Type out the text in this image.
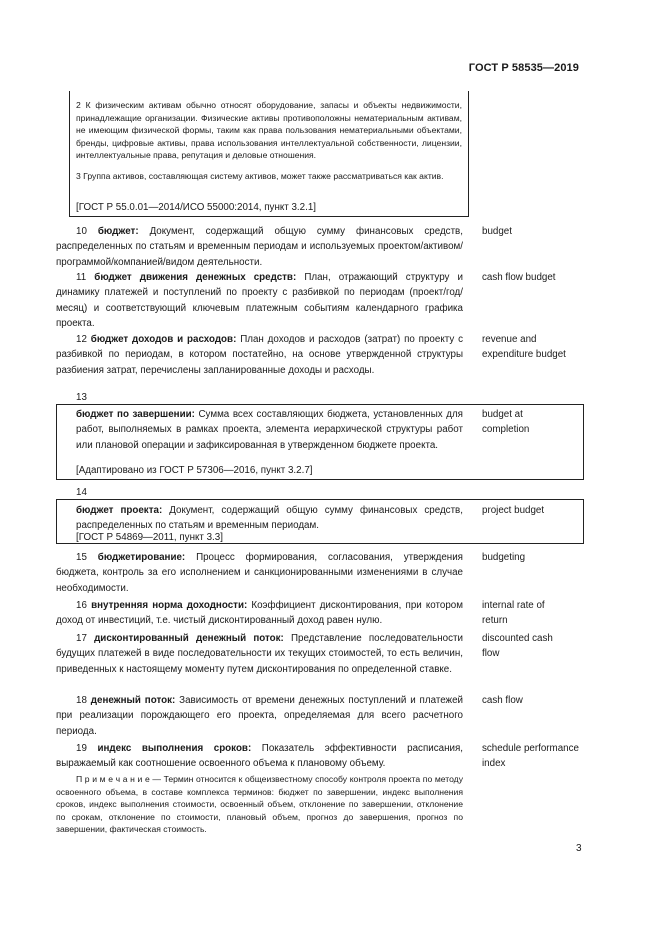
ГОСТ Р 58535—2019
2 К физическим активам обычно относят оборудование, запасы и объекты недвижимости, принадлежащие организации. Физические активы противоположны нематериальным активам, не имеющим физической формы, таким как права пользования нематериальными объектами, бренды, цифровые активы, права использования интеллектуальной собственности, лицензии, интеллектуальные права, репутация и деловые отношения.
3 Группа активов, составляющая систему активов, может также рассматриваться как актив.
[ГОСТ Р 55.0.01—2014/ИСО 55000:2014, пункт 3.2.1]
10 бюджет: Документ, содержащий общую сумму финансовых средств, распределенных по статьям и временным периодам и используемых проектом/активом/программой/компанией/видом деятельности.
budget
11 бюджет движения денежных средств: План, отражающий структуру и динамику платежей и поступлений по проекту с разбивкой по периодам (проект/год/месяц) и соответствующий ключевым платежным событиям календарного графика проекта.
cash flow budget
12 бюджет доходов и расходов: План доходов и расходов (затрат) по проекту с разбивкой по периодам, в котором постатейно, на основе утвержденной структуры разбиения затрат, перечислены запланированные доходы и расходы.
revenue and expenditure budget
13
бюджет по завершении: Сумма всех составляющих бюджета, установленных для работ, выполняемых в рамках проекта, элемента иерархической структуры работ или плановой операции и зафиксированная в утвержденном бюджете проекта.
[Адаптировано из ГОСТ Р 57306—2016, пункт 3.2.7]
budget at completion
14
бюджет проекта: Документ, содержащий общую сумму финансовых средств, распределенных по статьям и временным периодам.
[ГОСТ Р 54869—2011, пункт 3.3]
project budget
15 бюджетирование: Процесс формирования, согласования, утверждения бюджета, контроль за его исполнением и санкционированными изменениями в случае необходимости.
budgeting
16 внутренняя норма доходности: Коэффициент дисконтирования, при котором доход от инвестиций, т.е. чистый дисконтированный доход равен нулю.
internal rate of return
17 дисконтированный денежный поток: Представление последовательности будущих платежей в виде последовательности их текущих стоимостей, то есть величин, приведенных к настоящему моменту путем дисконтирования по определенной ставке.
discounted cash flow
18 денежный поток: Зависимость от времени денежных поступлений и платежей при реализации порождающего его проекта, определяемая для всего расчетного периода.
cash flow
19 индекс выполнения сроков: Показатель эффективности расписания, выражаемый как соотношение освоенного объема к плановому объему.
schedule performance index
П р и м е ч а н и е — Термин относится к общеизвестному способу контроля проекта по методу освоенного объема, в составе комплекса терминов: бюджет по завершении, индекс выполнения сроков, индекс выполнения стоимости, освоенный объем, отклонение по завершении, отклонение по срокам, отклонение по стоимости, плановый объем, прогноз до завершения, прогноз по завершении, фактическая стоимость.
3
